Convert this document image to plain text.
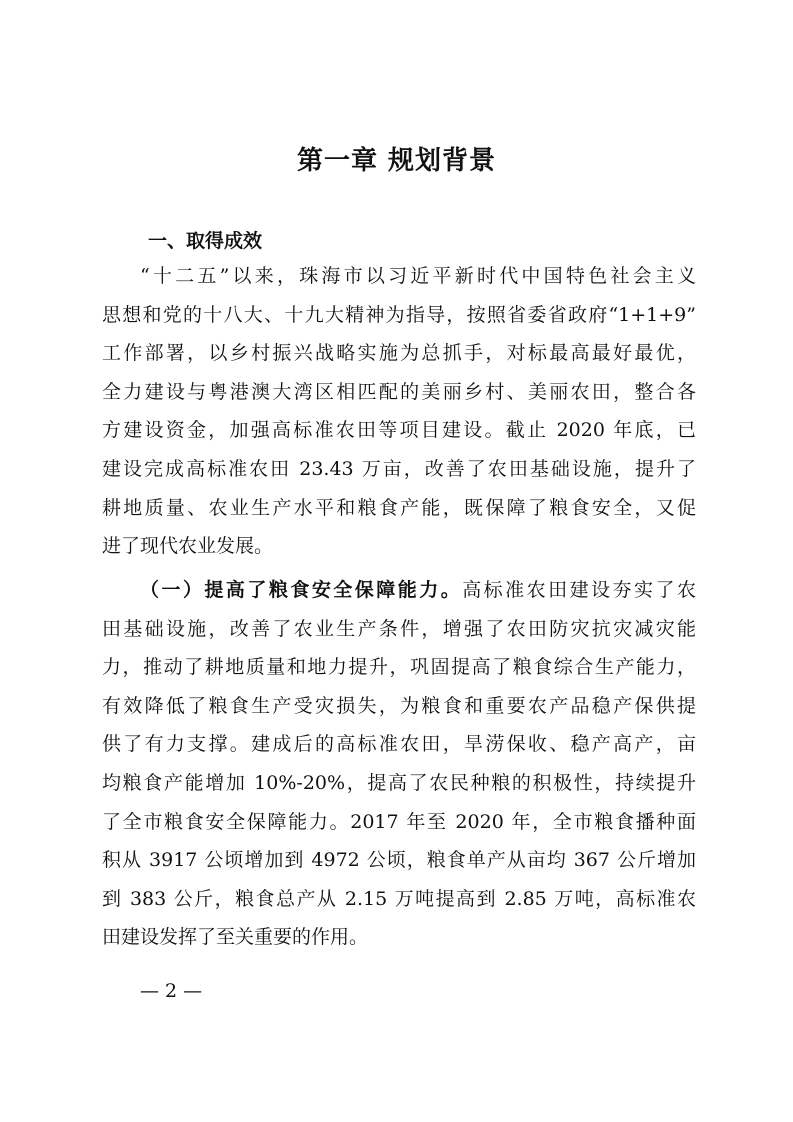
第一章 规划背景
一、取得成效
“十二五”以来，珠海市以习近平新时代中国特色社会主义
思想和党的十八大、十九大精神为指导，按照省委省政府“1+1+9”
工作部署，以乡村振兴战略实施为总抓手，对标最高最好最优，
全力建设与粤港澳大湾区相匹配的美丽乡村、美丽农田，整合各
方建设资金，加强高标准农田等项目建设。截止 2020 年底，已
建设完成高标准农田 23.43 万亩，改善了农田基础设施，提升了
耕地质量、农业生产水平和粮食产能，既保障了粮食安全，又促
进了现代农业发展。
（一）提高了粮食安全保障能力。高标准农田建设夯实了农
田基础设施，改善了农业生产条件，增强了农田防灾抗灾减灾能
力，推动了耕地质量和地力提升，巩固提高了粮食综合生产能力，
有效降低了粮食生产受灾损失，为粮食和重要农产品稳产保供提
供了有力支撑。建成后的高标准农田，旱涝保收、稳产高产，亩
均粮食产能增加 10%-20%，提高了农民种粮的积极性，持续提升
了全市粮食安全保障能力。2017 年至 2020 年，全市粮食播种面
积从 3917 公顷增加到 4972 公顷，粮食单产从亩均 367 公斤增加
到 383 公斤，粮食总产从 2.15 万吨提高到 2.85 万吨，高标准农
田建设发挥了至关重要的作用。
— 2 —
